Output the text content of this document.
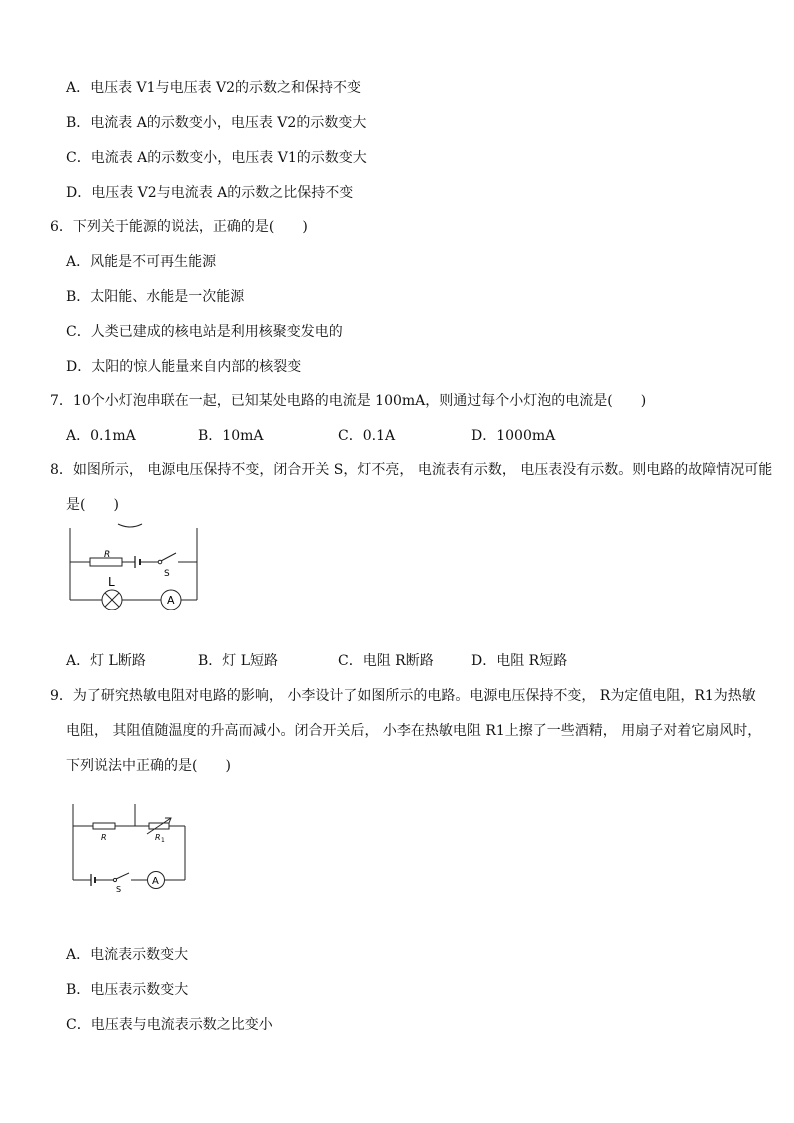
A．电压表 V1与电压表 V2的示数之和保持不变
B．电流表 A的示数变小，电压表 V2的示数变大
C．电流表 A的示数变小，电压表 V1的示数变大
D．电压表 V2与电流表 A的示数之比保持不变
6．下列关于能源的说法，正确的是(　　)
A．风能是不可再生能源
B．太阳能、水能是一次能源
C．人类已建成的核电站是利用核聚变发电的
D．太阳的惊人能量来自内部的核裂变
7．10个小灯泡串联在一起，已知某处电路的电流是 100mA，则通过每个小灯泡的电流是(　　)
A．0.1mA	B．10mA	C．0.1A	D．1000mA
8．如图所示， 电源电压保持不变，闭合开关 S，灯不亮， 电流表有示数， 电压表没有示数。则电路的故障情况可能
是(　　)
R
S
L
A
A．灯 L断路	B．灯 L短路	C．电阻 R断路	D．电阻 R短路
9．为了研究热敏电阻对电路的影响， 小李设计了如图所示的电路。电源电压保持不变， R为定值电阻，R1为热敏
电阻， 其阻值随温度的升高而减小。闭合开关后， 小李在热敏电阻 R1上擦了一些酒精， 用扇子对着它扇风时，
下列说法中正确的是(　　)
R	R 1
S
A
A．电流表示数变大
B．电压表示数变大
C．电压表与电流表示数之比变小
